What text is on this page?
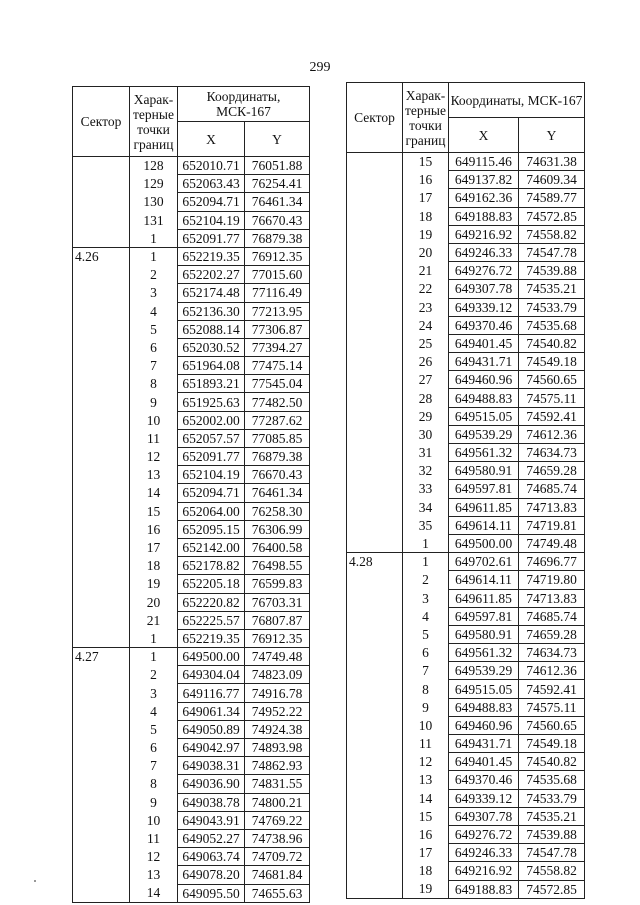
299
Сектор	Харак-терные точки границ	Координаты, МСК-167	
		X	Y
	128	652010.71	76051.88
	129	652063.43	76254.41
	130	652094.71	76461.34
	131	652104.19	76670.43
	1	652091.77	76879.38
4.26	1	652219.35	76912.35
	2	652202.27	77015.60
	3	652174.48	77116.49
	4	652136.30	77213.95
	5	652088.14	77306.87
	6	652030.52	77394.27
	7	651964.08	77475.14
	8	651893.21	77545.04
	9	651925.63	77482.50
	10	652002.00	77287.62
	11	652057.57	77085.85
	12	652091.77	76879.38
	13	652104.19	76670.43
	14	652094.71	76461.34
	15	652064.00	76258.30
	16	652095.15	76306.99
	17	652142.00	76400.58
	18	652178.82	76498.55
	19	652205.18	76599.83
	20	652220.82	76703.31
	21	652225.57	76807.87
	1	652219.35	76912.35
4.27	1	649500.00	74749.48
	2	649304.04	74823.09
	3	649116.77	74916.78
	4	649061.34	74952.22
	5	649050.89	74924.38
	6	649042.97	74893.98
	7	649038.31	74862.93
	8	649036.90	74831.55
	9	649038.78	74800.21
	10	649043.91	74769.22
	11	649052.27	74738.96
	12	649063.74	74709.72
	13	649078.20	74681.84
	14	649095.50	74655.63
Сектор	Харак-терные точки границ	Координаты, МСК-167	
		X	Y
	15	649115.46	74631.38
	16	649137.82	74609.34
	17	649162.36	74589.77
	18	649188.83	74572.85
	19	649216.92	74558.82
	20	649246.33	74547.78
	21	649276.72	74539.88
	22	649307.78	74535.21
	23	649339.12	74533.79
	24	649370.46	74535.68
	25	649401.45	74540.82
	26	649431.71	74549.18
	27	649460.96	74560.65
	28	649488.83	74575.11
	29	649515.05	74592.41
	30	649539.29	74612.36
	31	649561.32	74634.73
	32	649580.91	74659.28
	33	649597.81	74685.74
	34	649611.85	74713.83
	35	649614.11	74719.81
	1	649500.00	74749.48
4.28	1	649702.61	74696.77
	2	649614.11	74719.80
	3	649611.85	74713.83
	4	649597.81	74685.74
	5	649580.91	74659.28
	6	649561.32	74634.73
	7	649539.29	74612.36
	8	649515.05	74592.41
	9	649488.83	74575.11
	10	649460.96	74560.65
	11	649431.71	74549.18
	12	649401.45	74540.82
	13	649370.46	74535.68
	14	649339.12	74533.79
	15	649307.78	74535.21
	16	649276.72	74539.88
	17	649246.33	74547.78
	18	649216.92	74558.82
	19	649188.83	74572.85
